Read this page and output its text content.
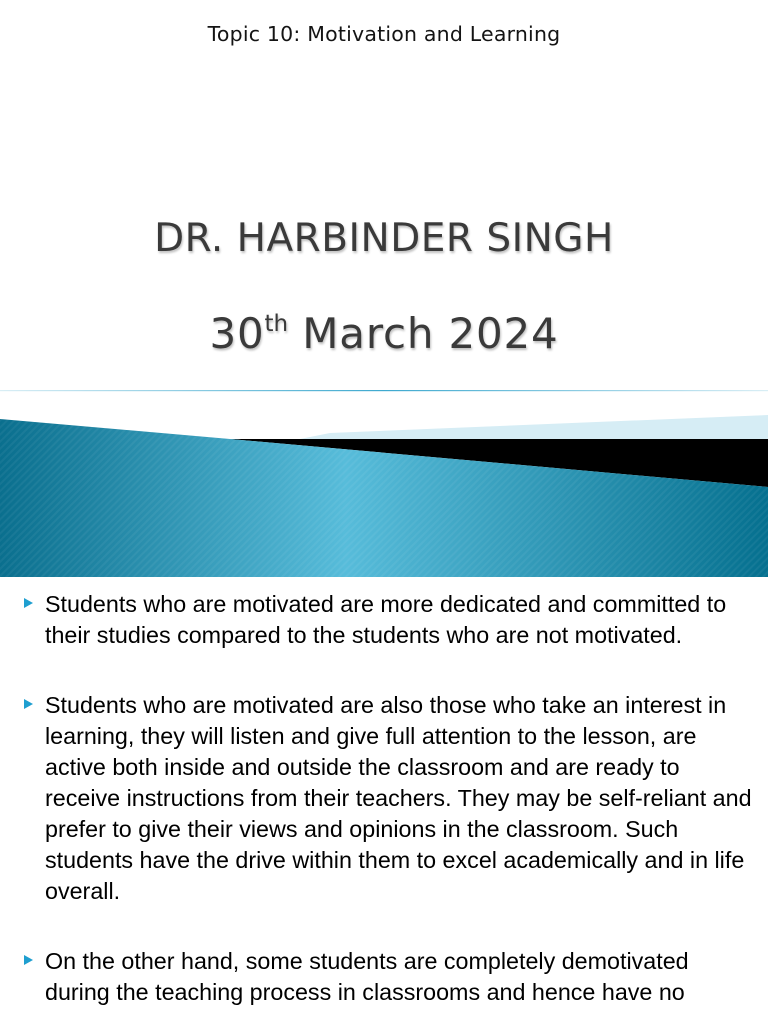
Topic 10: Motivation and Learning
DR. HARBINDER SINGH
30th March 2024
Students who are motivated are more dedicated and committed to their studies compared to the students who are not motivated.
Students who are motivated are also those who take an interest in learning, they will listen and give full attention to the lesson, are active both inside and outside the classroom and are ready to receive instructions from their teachers. They may be self-reliant and prefer to give their views and opinions in the classroom. Such students have the drive within them to excel academically and in life overall.
On the other hand, some students are completely demotivated during the teaching process in classrooms and hence have no
